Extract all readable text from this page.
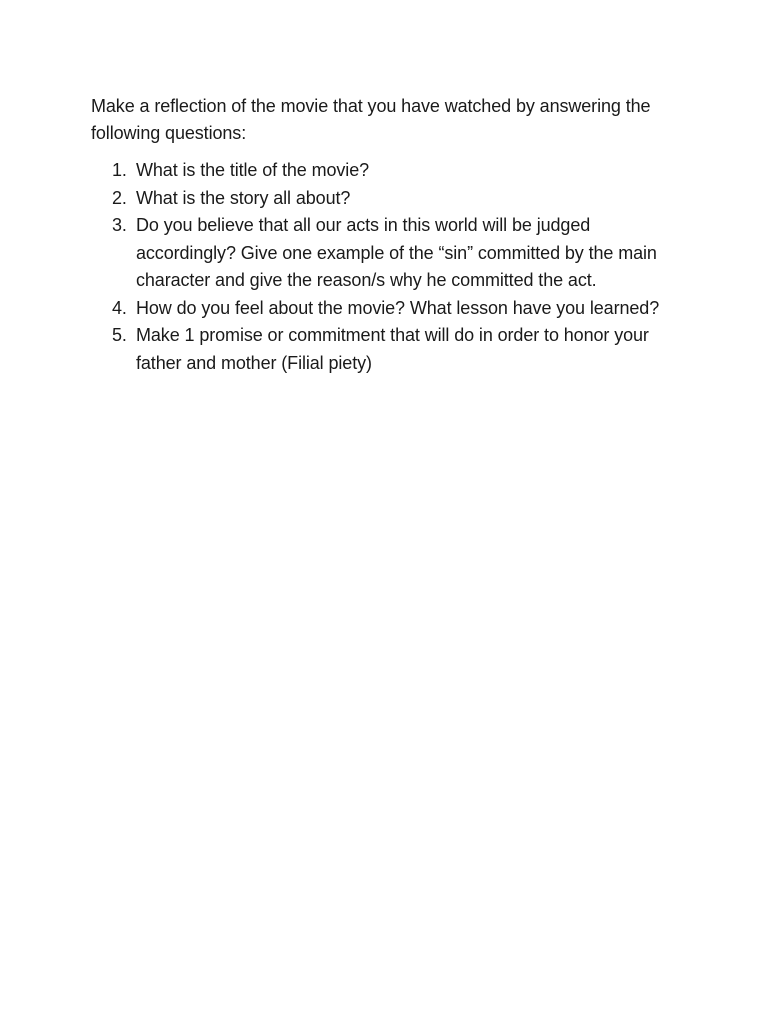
Make a reflection of the movie that you have watched by answering the following questions:

1. What is the title of the movie?
2. What is the story all about?
3. Do you believe that all our acts in this world will be judged accordingly? Give one example of the “sin” committed by the main character and give the reason/s why he committed the act.
4. How do you feel about the movie? What lesson have you learned?
5. Make 1 promise or commitment that will do in order to honor your father and mother (Filial piety)
